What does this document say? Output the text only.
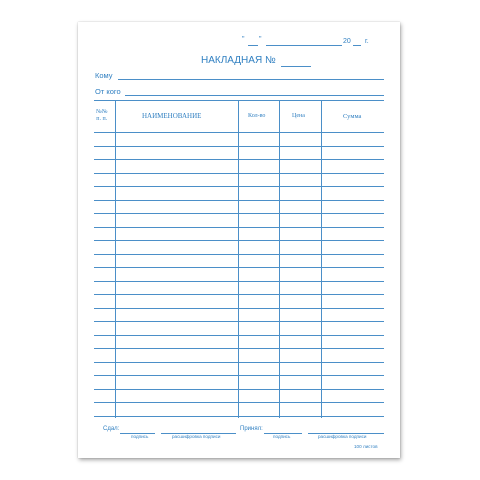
" "	20 г.
НАКЛАДНАЯ №
Кому
От кого
№№
п. п.	НАИМЕНОВАНИЕ	Кол-во	Цена	Сумма
Сдал:
подпись	расшифровка подписи
Принял:
подпись	расшифровка подписи
100 листов
